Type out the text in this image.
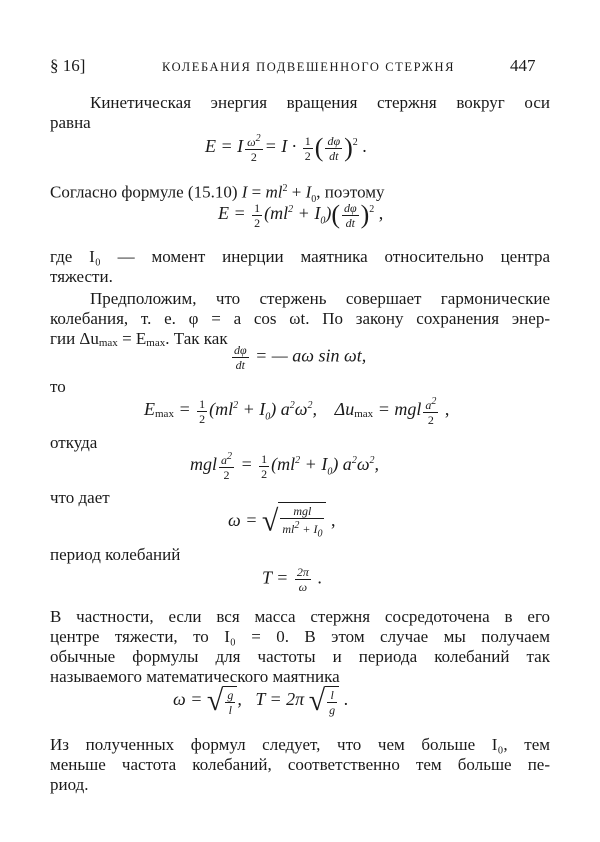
§ 16]	КОЛЕБАНИЯ ПОДВЕШЕННОГО СТЕРЖНЯ	447
Кинетическая энергия вращения стержня вокруг оси
равна
E = I $\frac{\omega^2}{2} = I \cdot \frac{1}{2}$ ( $\frac{d\varphi}{dt} )^2$ .
Согласно формуле (15.10) $I = ml^2 + I_0$, поэтому
$E = \frac{1}{2} (ml^2 + I_0)( \frac{d\varphi}{dt} )^2$ ,
где I₀ — момент инерции маятника относительно центра
тяжести.
Предположим, что стержень совершает гармонические
колебания, т. е. φ = a cos ωt. По закону сохранения энер-
гии Δumax = Emax. Так как
$\frac{d\varphi}{dt}$ = — aω sin ωt,
то
$Emax = \frac{1}{2} (ml^2 + I_0)$ $a^2\omega^2$,    Δumax = mgl $\frac{a^2}{2}$ ,
откуда
mgl $\frac{a^2}{2} = \frac{1}{2} (ml^2 + I_0)$ $a^2\omega^2$,
что дает
ω = √ $\frac{\text{mgl}}{ml^2 + I_0}$ ,
период колебаний
$T = \frac{2\pi}{\omega}$ .
В частности, если вся масса стержня сосредоточена в его
центре тяжести, то I₀ = 0. В этом случае мы получаем
обычные формулы для частоты и периода колебаний так
называемого математического маятника
ω = √ $\frac{g}{l}$ ,   T = 2π √ $\frac{l}{g}$ .
Из полученных формул следует, что чем больше I₀, тем
меньше частота колебаний, соответственно тем больше пе-
риод.
